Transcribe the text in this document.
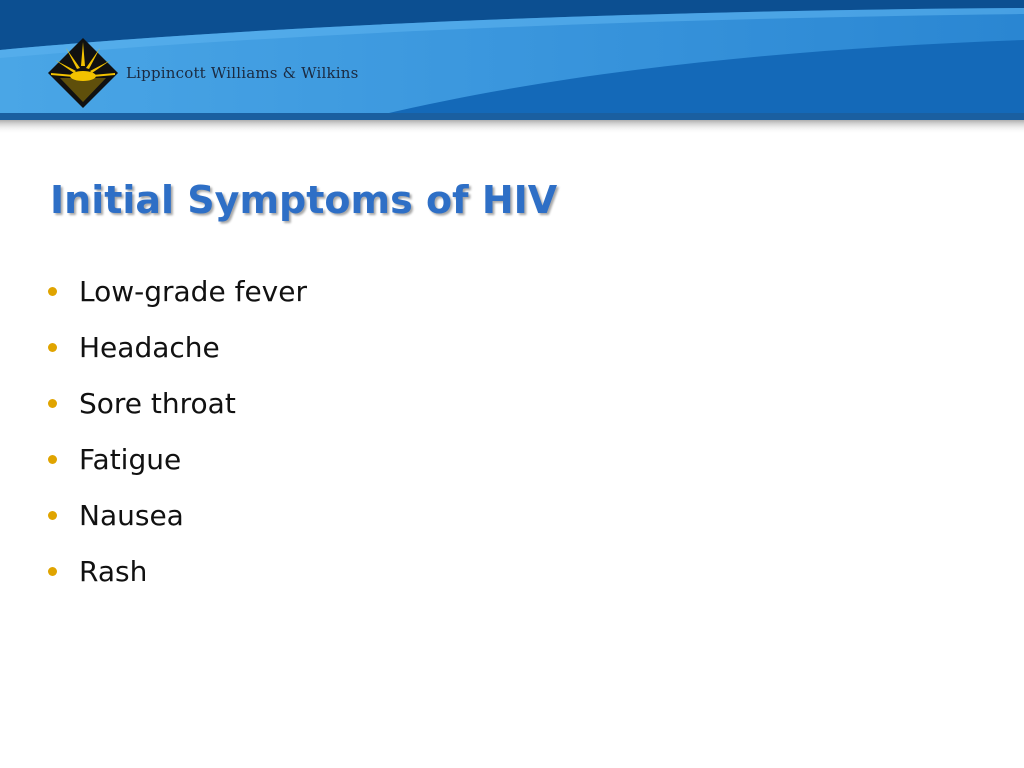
Lippincott Williams & Wilkins
Initial Symptoms of HIV
Low-grade fever
Headache
Sore throat
Fatigue
Nausea
Rash
